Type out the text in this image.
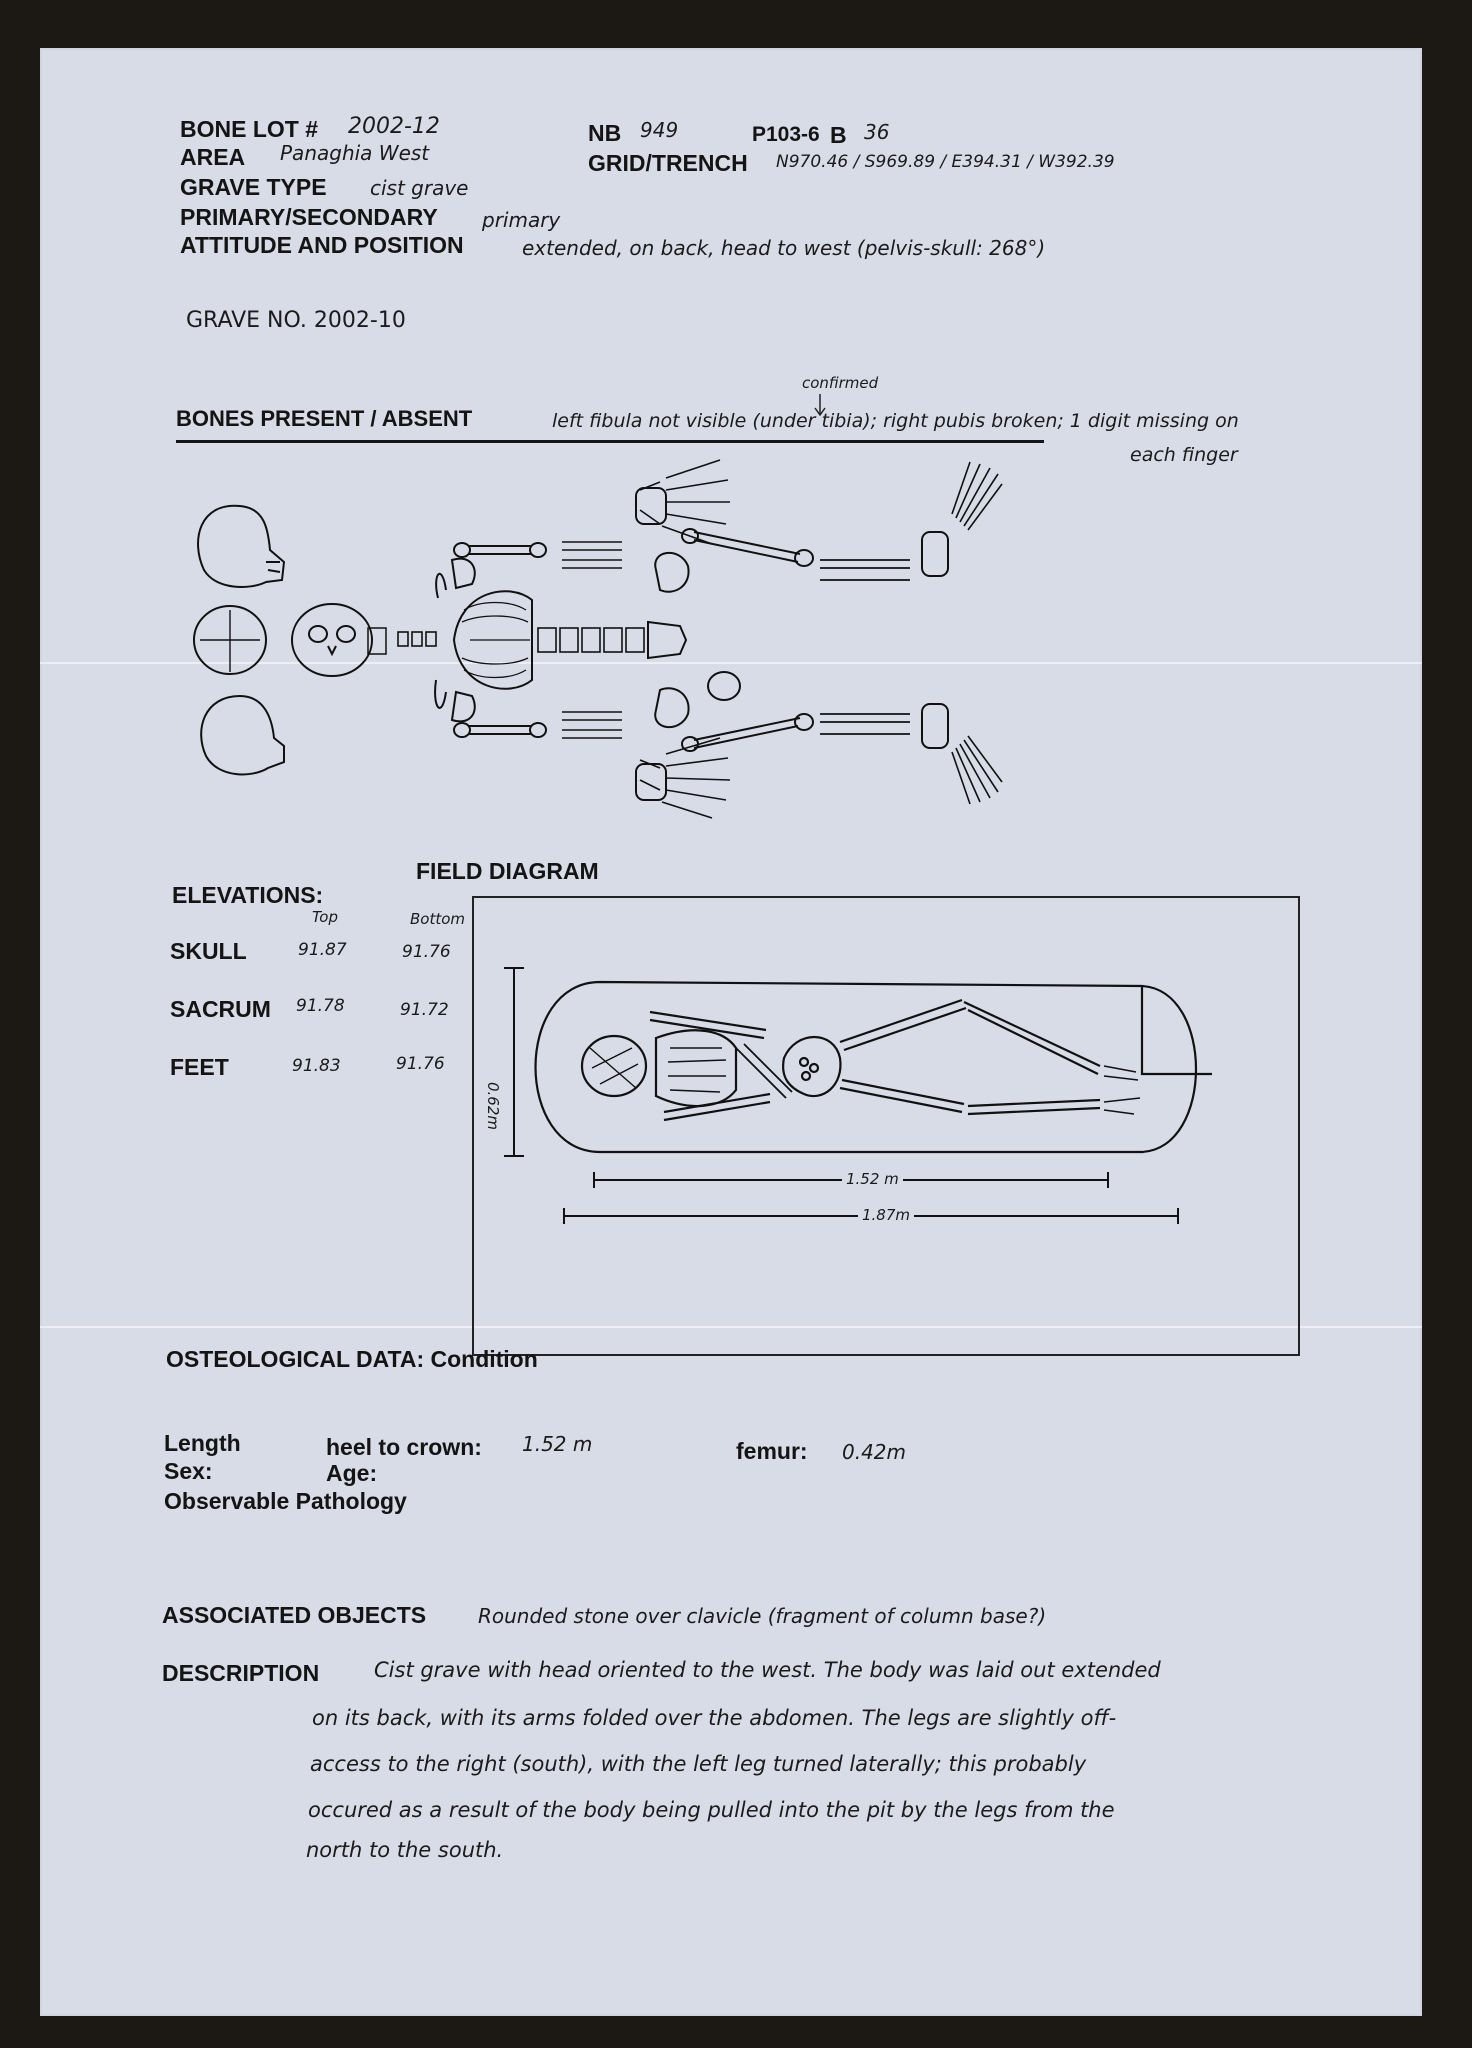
BONE LOT # 2002-12
AREA Panaghia West
GRAVE TYPE cist grave
PRIMARY/SECONDARY primary
ATTITUDE AND POSITION	extended, on back, head to west (pelvis-skull: 268°)
NB 949	P103-6 B 36
GRID/TRENCH N970.46 / S969.89 / E394.31 / W392.39
GRAVE NO. 2002-10
confirmed
BONES PRESENT / ABSENT	left fibula not visible (under tibia); right pubis broken; 1 digit missing on
each finger
FIELD DIAGRAM
0.62m
1.52 m
1.87m
ELEVATIONS:
Top	Bottom
SKULL	91.87	91.76
SACRUM 91.78	91.72
FEET	91.83	91.76
OSTEOLOGICAL DATA: Condition
Length	heel to crown: 1.52 m	femur: 0.42m
Sex:	Age:
Observable Pathology
ASSOCIATED OBJECTS	Rounded stone over clavicle (fragment of column base?)
DESCRIPTION	Cist grave with head oriented to the west. The body was laid out extended
on its back, with its arms folded over the abdomen. The legs are slightly off-
access to the right (south), with the left leg turned laterally; this probably
occured as a result of the body being pulled into the pit by the legs from the
north to the south.
